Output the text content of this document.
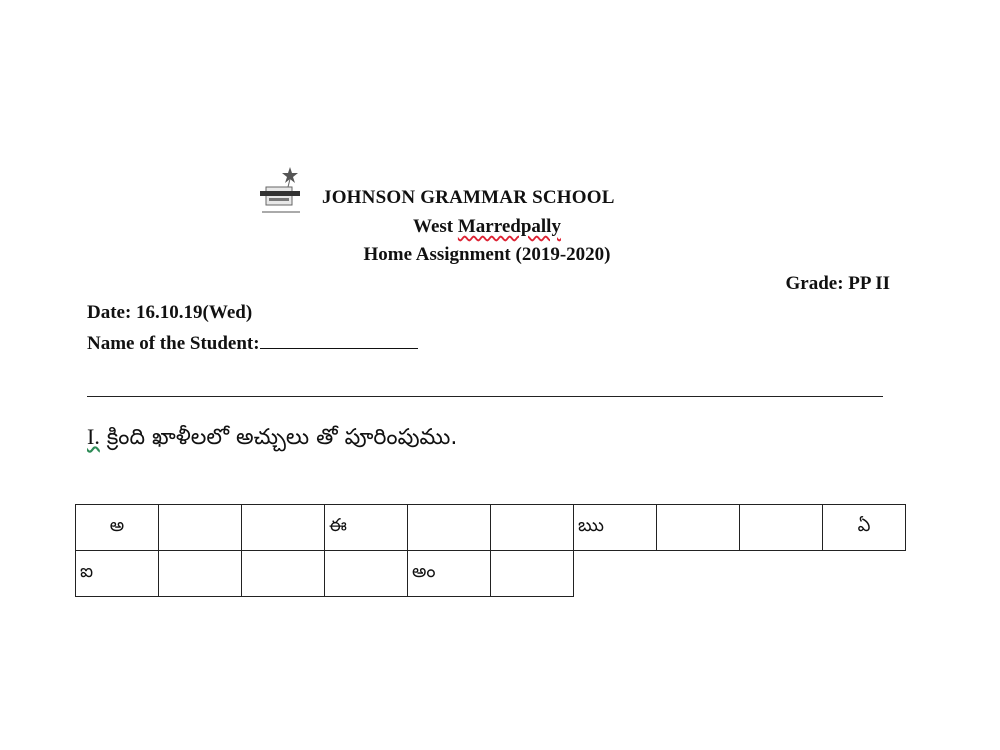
JOHNSON GRAMMAR SCHOOL
West Marredpally
Home Assignment (2019-2020)
Grade: PP II
Date: 16.10.19(Wed)
Name of the Student:
I. క్రింది ఖాళీలలో అచ్చులు తో పూరింపుము.
అ			ఈ			ఋ			ఏ
ఐ				అం					
